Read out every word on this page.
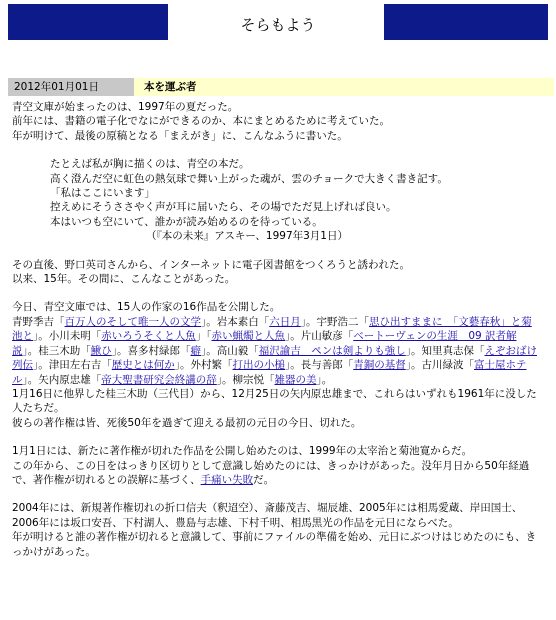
そらもよう
2012年01月01日	本を運ぶ者
青空文庫が始まったのは、1997年の夏だった。
前年には、書籍の電子化でなにができるのか、本にまとめるために考えていた。
年が明けて、最後の原稿となる「まえがき」に、こんなふうに書いた。
たとえば私が胸に描くのは、青空の本だ。
高く澄んだ空に虹色の熱気球で舞い上がった魂が、雲のチョークで大きく書き記す。
「私はここにいます」
控えめにそうささやく声が耳に届いたら、その場でただ見上げれば良い。
本はいつも空にいて、誰かが読み始めるのを待っている。
（『本の未来』アスキー、1997年3月1日）
その直後、野口英司さんから、インターネットに電子図書館をつくろうと誘われた。
以来、15年。その間に、こんなことがあった。
今日、青空文庫では、15人の作家の16作品を公開した。
青野季吉「百万人のそして唯一人の文学」。岩本素白「六日月」。宇野浩二「思ひ出すままに　「文藝春秋」と菊池と」。小川未明「赤いろうそくと人魚」「赤い蝋燭と人魚」。片山敏彦「ベートーヴェンの生涯　09 訳者解説」。桂三木助「鰍ひ」。喜多村緑郎「癖」。高山毅「福沢諭吉　ペンは剣よりも強し」。知里真志保「えぞおばけ列伝」。津田左右吉「歴史とは何か」。外村繁「打出の小槌」。長与善郎「青銅の基督」。古川緑波「富士屋ホテル」。矢内原忠雄「帝大聖書研究会終講の辞」。柳宗悦「雑器の美」。
1月16日に他界した桂三木助（三代目）から、12月25日の矢内原忠雄まで、これらはいずれも1961年に没した人たちだ。
彼らの著作権は皆、死後50年を過ぎて迎える最初の元日の今日、切れた。
1月1日には、新たに著作権が切れた作品を公開し始めたのは、1999年の太宰治と菊池寛からだ。
この年から、この日をはっきり区切りとして意識し始めたのには、きっかけがあった。没年月日から50年経過で、著作権が切れるとの誤解に基づく、手痛い失敗だ。
2004年には、新規著作権切れの折口信夫（釈迢空）、斎藤茂吉、堀辰雄、2005年には相馬愛蔵、岸田国士、2006年には坂口安吾、下村湖人、豊島与志雄、下村千明、相馬黒光の作品を元日にならべた。
年が明けると誰の著作権が切れると意識して、事前にファイルの準備を始め、元日にぶつけはじめたのにも、きっかけがあった。
